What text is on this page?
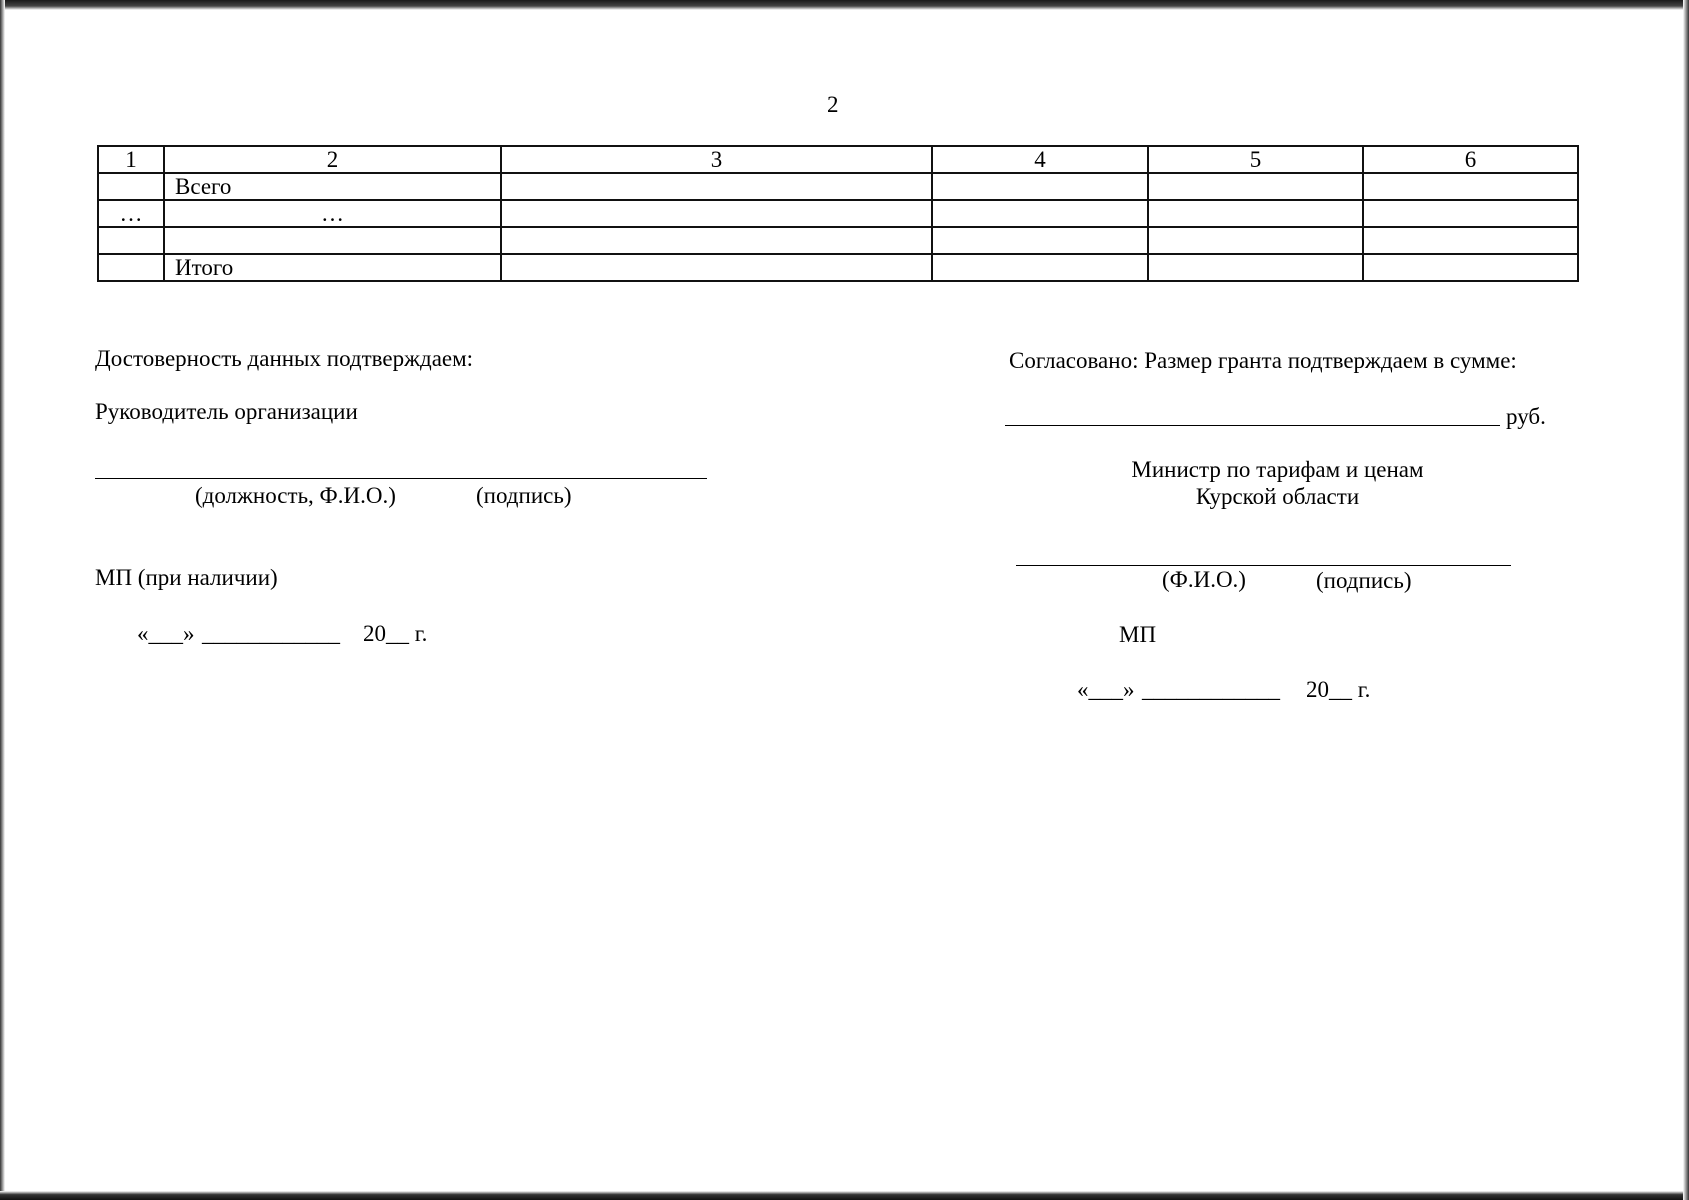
2
1	2	3	4	5	6
	Всего				
…	…				

	Итого				
Достоверность данных подтверждаем:
Руководитель организации
(должность, Ф.И.О.)	(подпись)
МП (при наличии)
«___» ____________ 20__ г.
Согласовано: Размер гранта подтверждаем в сумме:
руб.
Министр по тарифам и ценам
Курской области
(Ф.И.О.)	(подпись)
МП
«___» ____________ 20__ г.
